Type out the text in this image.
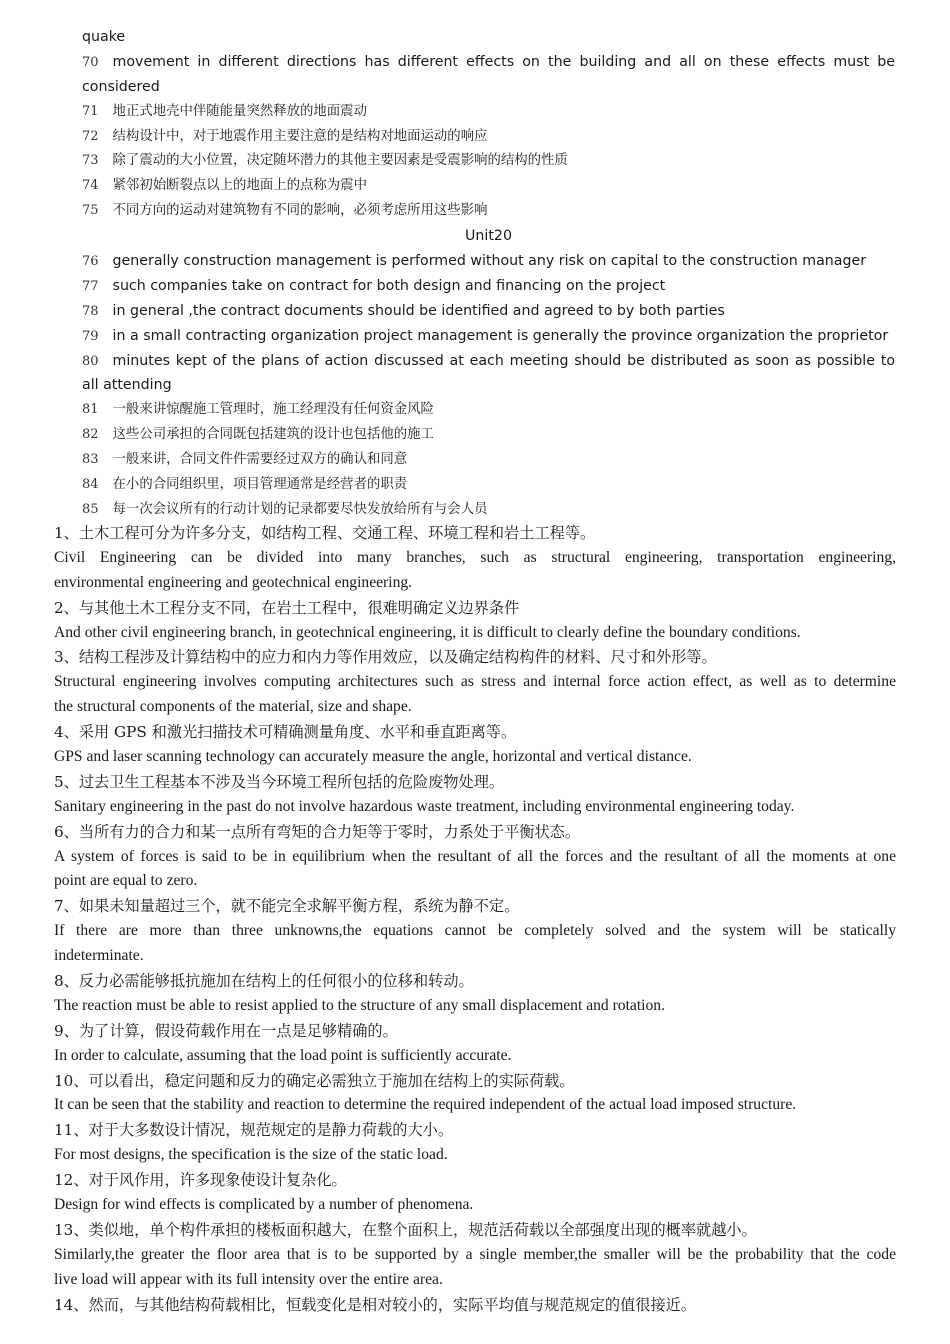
quake
70 movement in different directions has different effects on the building and all on these effects must be
considered
71 地正式地壳中伴随能量突然释放的地面震动
72 结构设计中，对于地震作用主要注意的是结构对地面运动的响应
73 除了震动的大小位置，决定随坏潜力的其他主要因素是受震影响的结构的性质
74 紧邻初始断裂点以上的地面上的点称为震中
75 不同方向的运动对建筑物有不同的影响，必须考虑所用这些影响
Unit20
76 generally construction management is performed without any risk on capital to the construction manager
77 such companies take on contract for both design and financing on the project
78 in general ,the contract documents should be identified and agreed to by both parties
79 in a small contracting organization project management is generally the province organization the proprietor
80 minutes kept of the plans of action discussed at each meeting should be distributed as soon as possible to
all attending
81 一般来讲惊醒施工管理时，施工经理没有任何资金风险
82 这些公司承担的合同既包括建筑的设计也包括他的施工
83 一般来讲，合同文件件需要经过双方的确认和同意
84 在小的合同组织里，项目管理通常是经营者的职责
85 每一次会议所有的行动计划的记录都要尽快发放给所有与会人员
1、土木工程可分为许多分支，如结构工程、交通工程、环境工程和岩土工程等。
Civil Engineering can be divided into many branches, such as structural engineering, transportation engineering,
environmental engineering and geotechnical engineering.
2、与其他土木工程分支不同，在岩土工程中，很难明确定义边界条件
And other civil engineering branch, in geotechnical engineering, it is difficult to clearly define the boundary conditions.
3、结构工程涉及计算结构中的应力和内力等作用效应，以及确定结构构件的材料、尺寸和外形等。
Structural engineering involves computing architectures such as stress and internal force action effect, as well as to determine
the structural components of the material, size and shape.
4、采用 GPS 和激光扫描技术可精确测量角度、水平和垂直距离等。
GPS and laser scanning technology can accurately measure the angle, horizontal and vertical distance.
5、过去卫生工程基本不涉及当今环境工程所包括的危险废物处理。
Sanitary engineering in the past do not involve hazardous waste treatment, including environmental engineering today.
6、当所有力的合力和某一点所有弯矩的合力矩等于零时，力系处于平衡状态。
A system of forces is said to be in equilibrium when the resultant of all the forces and the resultant of all the moments at one
point are equal to zero.
7、如果未知量超过三个，就不能完全求解平衡方程，系统为静不定。
If there are more than three unknowns,the equations cannot be completely solved and the system will be statically
indeterminate.
8、反力必需能够抵抗施加在结构上的任何很小的位移和转动。
The reaction must be able to resist applied to the structure of any small displacement and rotation.
9、为了计算，假设荷载作用在一点是足够精确的。
In order to calculate, assuming that the load point is sufficiently accurate.
10、可以看出，稳定问题和反力的确定必需独立于施加在结构上的实际荷载。
It can be seen that the stability and reaction to determine the required independent of the actual load imposed structure.
11、对于大多数设计情况，规范规定的是静力荷载的大小。
For most designs, the specification is the size of the static load.
12、对于风作用，许多现象使设计复杂化。
Design for wind effects is complicated by a number of phenomena.
13、类似地，单个构件承担的楼板面积越大，在整个面积上，规范活荷载以全部强度出现的概率就越小。
Similarly,the greater the floor area that is to be supported by a single member,the smaller will be the probability that the code
live load will appear with its full intensity over the entire area.
14、然而，与其他结构荷载相比，恒载变化是相对较小的，实际平均值与规范规定的值很接近。
